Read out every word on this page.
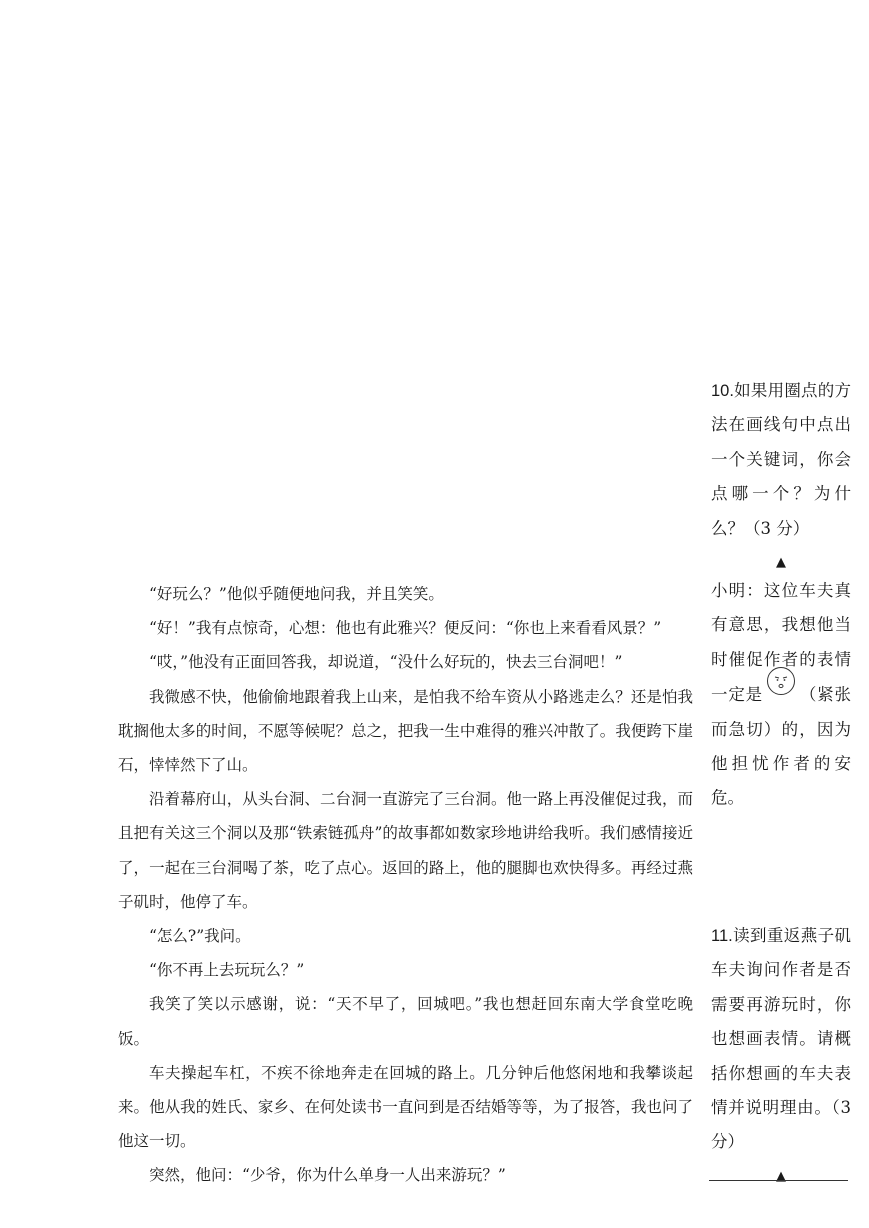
“好玩么？”他似乎随便地问我，并且笑笑。

“好！”我有点惊奇，心想：他也有此雅兴？便反问：“你也上来看看风景？”

“哎，”他没有正面回答我，却说道，“没什么好玩的，快去三台洞吧！”

我微感不快，他偷偷地跟着我上山来，是怕我不给车资从小路逃走么？还是怕我耽搁他太多的时间，不愿等候呢？总之，把我一生中难得的雅兴冲散了。我便跨下崖石，悻悻然下了山。

沿着幕府山，从头台洞、二台洞一直游完了三台洞。他一路上再没催促过我，而且把有关这三个洞以及那“铁索链孤舟”的故事都如数家珍地讲给我听。我们感情接近了，一起在三台洞喝了茶，吃了点心。返回的路上，他的腿脚也欢快得多。再经过燕子矶时，他停了车。

“怎么?”我问。

“你不再上去玩玩么？”

我笑了笑以示感谢，说：“天不早了，回城吧。”我也想赶回东南大学食堂吃晚饭。

车夫操起车杠，不疾不徐地奔走在回城的路上。几分钟后他悠闲地和我攀谈起来。他从我的姓氏、家乡、在何处读书一直问到是否结婚等等，为了报答，我也问了他这一切。

突然，他问：“少爷，你为什么单身一人出来游玩？”

10.如果用圈点的方法在画线句中点出一个关键词，你会点哪一个？为什么？（3 分）

▲

小明：这位车夫真有意思，我想他当时催促作者的表情一定是 （紧张而急切）的，因为他担忧作者的安危。

11.读到重返燕子矶车夫询问作者是否需要再游玩时，你也想画表情。请概括你想画的车夫表情并说明理由。（3 分）

▲
